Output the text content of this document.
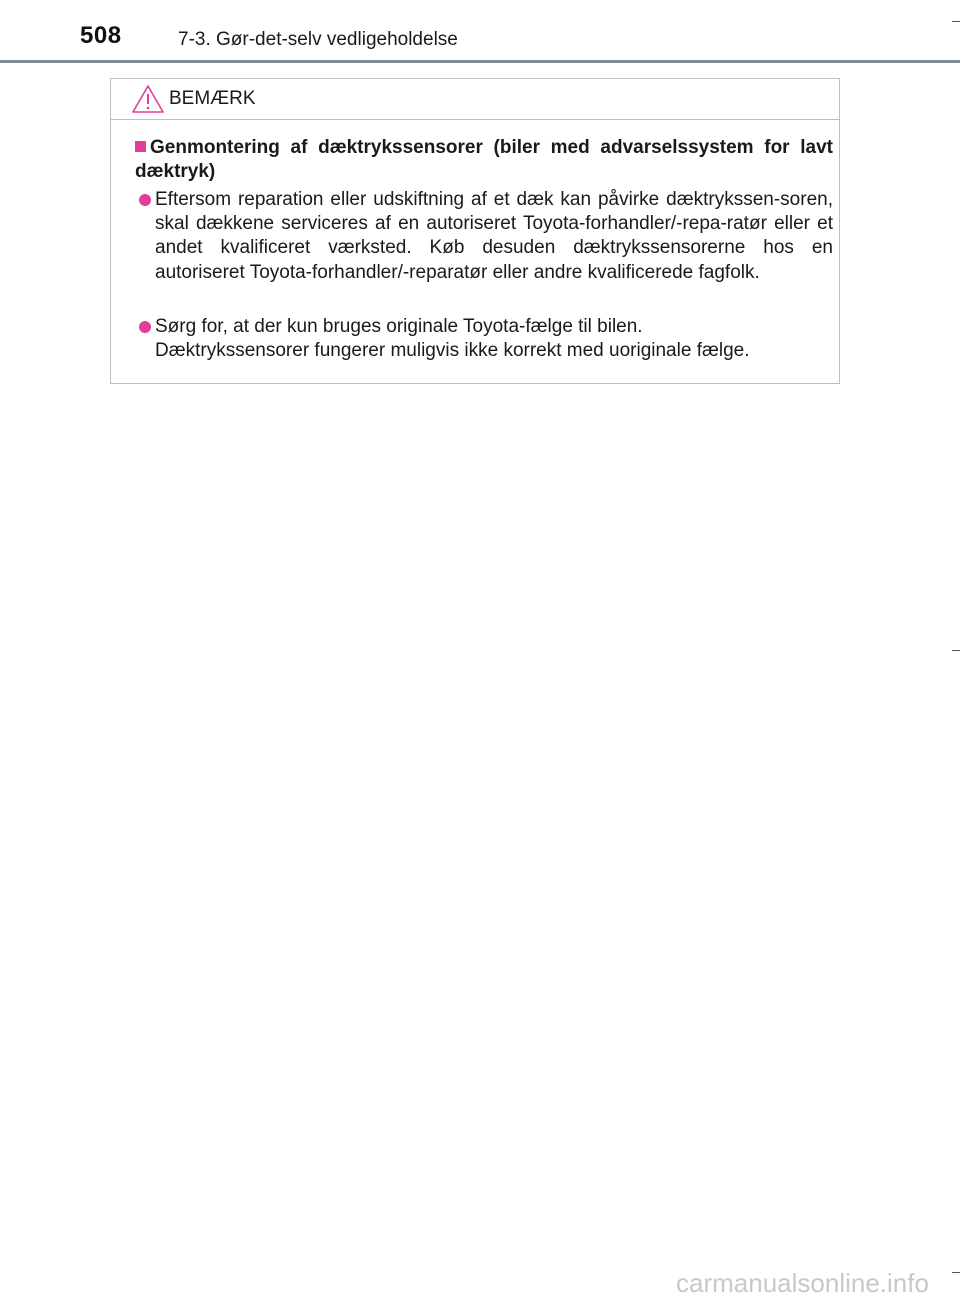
508	7-3. Gør-det-selv vedligeholdelse
BEMÆRK
Genmontering af dæktrykssensorer (biler med advarselssystem for lavt dæktryk)
Eftersom reparation eller udskiftning af et dæk kan påvirke dæktrykssen-soren, skal dækkene serviceres af en autoriseret Toyota-forhandler/-repa-ratør eller et andet kvalificeret værksted. Køb desuden dæktrykssensorerne hos en autoriseret Toyota-forhandler/-reparatør eller andre kvalificerede fagfolk.
Sørg for, at der kun bruges originale Toyota-fælge til bilen.
Dæktrykssensorer fungerer muligvis ikke korrekt med uoriginale fælge.
carmanualsonline.info
